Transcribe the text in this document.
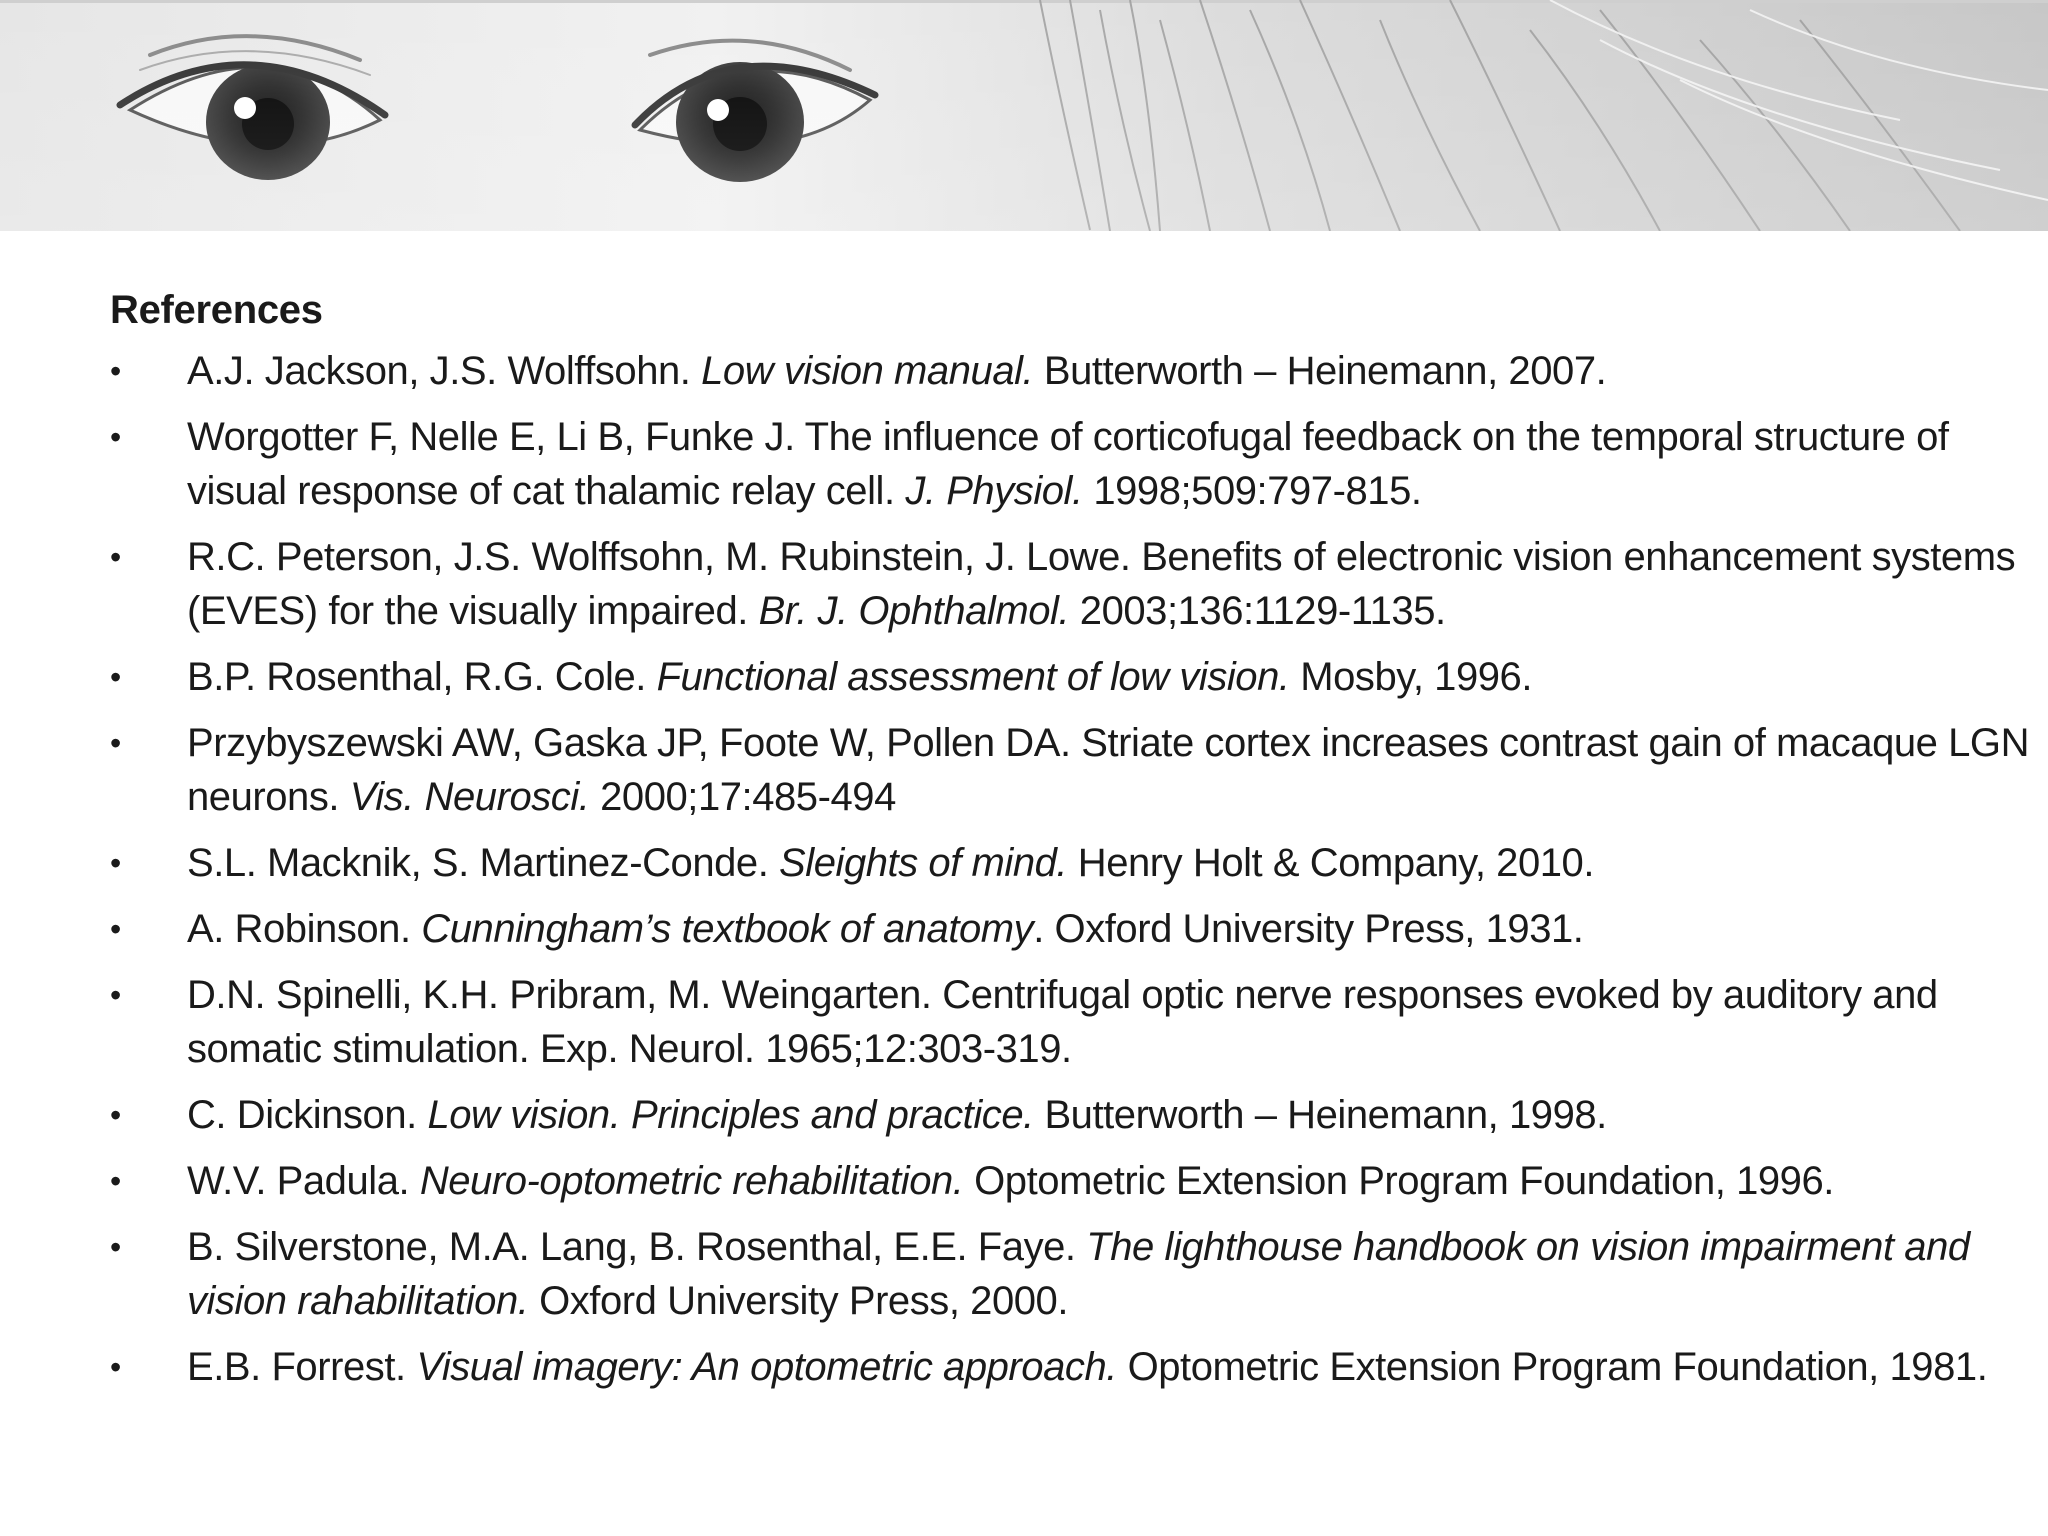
References
•	A.J. Jackson, J.S. Wolffsohn. Low vision manual. Butterworth – Heinemann, 2007.
•	Worgotter F, Nelle E, Li B, Funke J. The influence of corticofugal feedback on the temporal structure of visual response of cat thalamic relay cell. J. Physiol. 1998;509:797-815.
•	R.C. Peterson, J.S. Wolffsohn, M. Rubinstein, J. Lowe. Benefits of electronic vision enhancement systems (EVES) for the visually impaired. Br. J. Ophthalmol. 2003;136:1129-1135.
•	B.P. Rosenthal, R.G. Cole. Functional assessment of low vision. Mosby, 1996.
•	Przybyszewski AW, Gaska JP, Foote W, Pollen DA. Striate cortex increases contrast gain of macaque LGN neurons. Vis. Neurosci. 2000;17:485-494
•	S.L. Macknik, S. Martinez-Conde. Sleights of mind. Henry Holt & Company, 2010.
•	A. Robinson. Cunningham’s textbook of anatomy. Oxford University Press, 1931.
•	D.N. Spinelli, K.H. Pribram, M. Weingarten. Centrifugal optic nerve responses evoked by auditory and somatic stimulation. Exp. Neurol. 1965;12:303-319.
•	C. Dickinson. Low vision. Principles and practice. Butterworth – Heinemann, 1998.
•	W.V. Padula. Neuro-optometric rehabilitation. Optometric Extension Program Foundation, 1996.
•	B. Silverstone, M.A. Lang, B. Rosenthal, E.E. Faye. The lighthouse handbook on vision impairment and vision rahabilitation. Oxford University Press, 2000.
•	E.B. Forrest. Visual imagery: An optometric approach. Optometric Extension Program Foundation, 1981.
